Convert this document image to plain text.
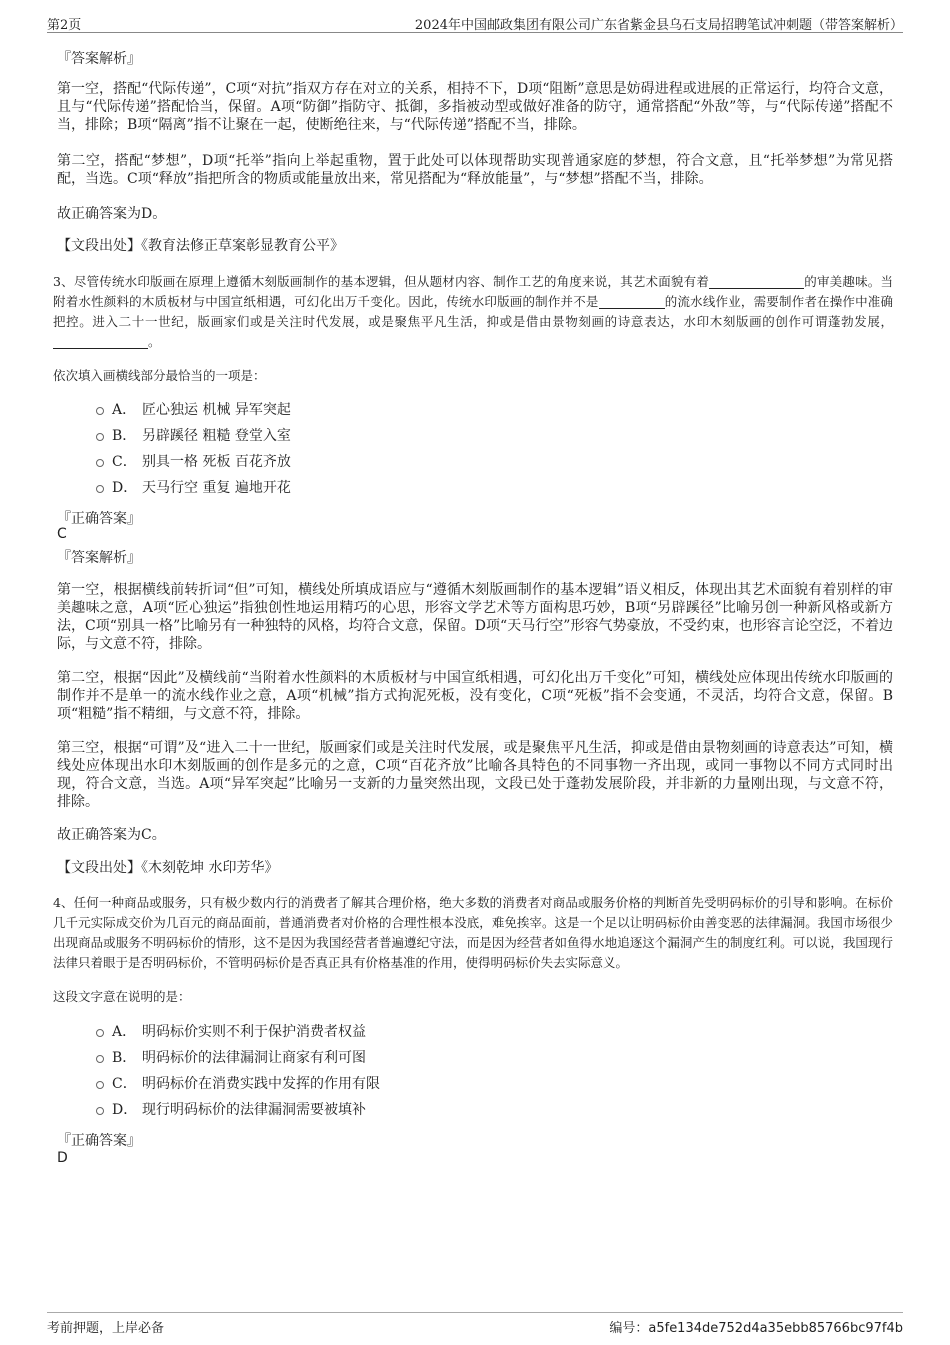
第2页	2024年中国邮政集团有限公司广东省紫金县乌石支局招聘笔试冲刺题（带答案解析）
『答案解析』

第一空，搭配“代际传递”，C项“对抗”指双方存在对立的关系，相持不下，D项“阻断”意思是妨碍进程或进展的正常运行，均符合文意，且与“代际传递”搭配恰当，保留。A项“防御”指防守、抵御，多指被动型或做好准备的防守，通常搭配“外敌”等，与“代际传递”搭配不当，排除；B项“隔离”指不让聚在一起，使断绝往来，与“代际传递”搭配不当，排除。

第二空，搭配“梦想”，D项“托举”指向上举起重物，置于此处可以体现帮助实现普通家庭的梦想，符合文意，且“托举梦想”为常见搭配，当选。C项“释放”指把所含的物质或能量放出来，常见搭配为“释放能量”，与“梦想”搭配不当，排除。

故正确答案为D。

【文段出处】《教育法修正草案彰显教育公平》

3、尽管传统水印版画在原理上遵循木刻版画制作的基本逻辑，但从题材内容、制作工艺的角度来说，其艺术面貌有着	的审美趣味。当附着水性颜料的木质板材与中国宣纸相遇，可幻化出万千变化。因此，传统水印版画的制作并不是	的流水线作业，需要制作者在操作中准确把控。进入二十一世纪，版画家们或是关注时代发展，或是聚焦平凡生活，抑或是借由景物刻画的诗意表达，水印木刻版画的创作可谓蓬勃发展，。

依次填入画横线部分最恰当的一项是：

A． 匠心独运 机械 异军突起
B． 另辟蹊径 粗糙 登堂入室
C． 别具一格 死板 百花齐放
D． 天马行空 重复 遍地开花
『正确答案』
C
『答案解析』

第一空，根据横线前转折词“但”可知，横线处所填成语应与“遵循木刻版画制作的基本逻辑”语义相反，体现出其艺术面貌有着别样的审美趣味之意，A项“匠心独运”指独创性地运用精巧的心思，形容文学艺术等方面构思巧妙，B项“另辟蹊径”比喻另创一种新风格或新方法，C项“别具一格”比喻另有一种独特的风格，均符合文意，保留。D项“天马行空”形容气势豪放，不受约束，也形容言论空泛，不着边际，与文意不符，排除。

第二空，根据“因此”及横线前“当附着水性颜料的木质板材与中国宣纸相遇，可幻化出万千变化”可知，横线处应体现出传统水印版画的制作并不是单一的流水线作业之意，A项“机械”指方式拘泥死板，没有变化，C项“死板”指不会变通，不灵活，均符合文意，保留。B项“粗糙”指不精细，与文意不符，排除。

第三空，根据“可谓”及“进入二十一世纪，版画家们或是关注时代发展，或是聚焦平凡生活，抑或是借由景物刻画的诗意表达”可知，横线处应体现出水印木刻版画的创作是多元的之意，C项“百花齐放”比喻各具特色的不同事物一齐出现，或同一事物以不同方式同时出现，符合文意，当选。A项“异军突起”比喻另一支新的力量突然出现，文段已处于蓬勃发展阶段，并非新的力量刚出现，与文意不符，排除。

故正确答案为C。

【文段出处】《木刻乾坤 水印芳华》

4、任何一种商品或服务，只有极少数内行的消费者了解其合理价格，绝大多数的消费者对商品或服务价格的判断首先受明码标价的引导和影响。在标价几千元实际成交价为几百元的商品面前，普通消费者对价格的合理性根本没底，难免挨宰。这是一个足以让明码标价由善变恶的法律漏洞。我国市场很少出现商品或服务不明码标价的情形，这不是因为我国经营者普遍遵纪守法，而是因为经营者如鱼得水地追逐这个漏洞产生的制度红利。可以说，我国现行法律只着眼于是否明码标价，不管明码标价是否真正具有价格基准的作用，使得明码标价失去实际意义。

这段文字意在说明的是：

A． 明码标价实则不利于保护消费者权益
B． 明码标价的法律漏洞让商家有利可图
C． 明码标价在消费实践中发挥的作用有限
D． 现行明码标价的法律漏洞需要被填补
『正确答案』
D
考前押题，上岸必备	编号：a5fe134de752d4a35ebb85766bc97f4b
